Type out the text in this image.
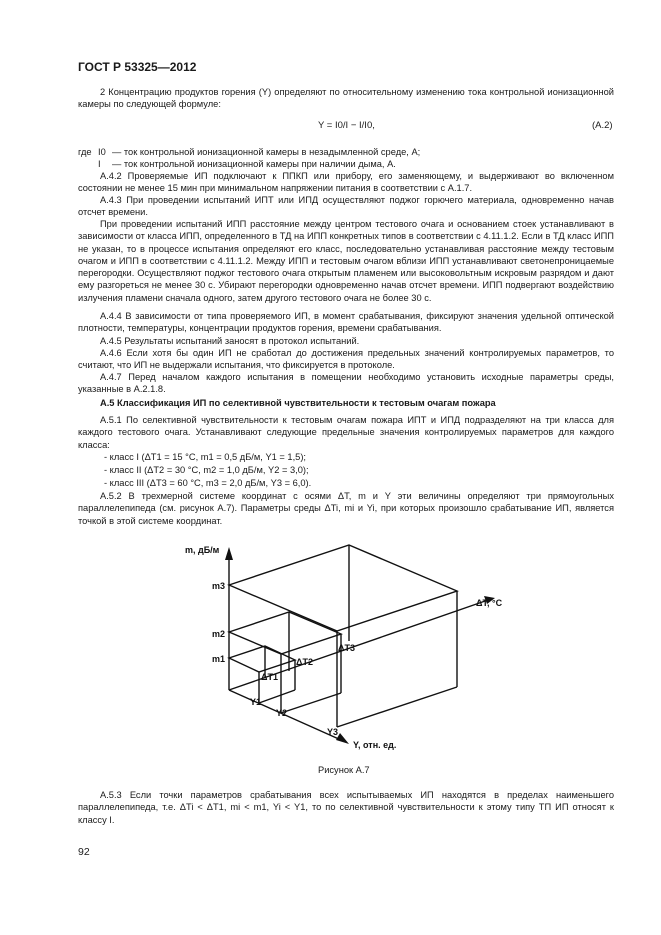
ГОСТ Р 53325—2012
2 Концентрацию продуктов горения (Y) определяют по относительному изменению тока контрольной ионизационной камеры по следующей формуле:
Y = I0/I − I/I0,	(А.2)
где I0 — ток контрольной ионизационной камеры в незадымленной среде, А;
I — ток контрольной ионизационной камеры при наличии дыма, А.
А.4.2 Проверяемые ИП подключают к ППКП или прибору, его заменяющему, и выдерживают во включенном состоянии не менее 15 мин при минимальном напряжении питания в соответствии с А.1.7.
А.4.3 При проведении испытаний ИПТ или ИПД осуществляют поджог горючего материала, одновременно начав отсчет времени.
При проведении испытаний ИПП расстояние между центром тестового очага и основанием стоек устанавливают в зависимости от класса ИПП, определенного в ТД на ИПП конкретных типов в соответствии с 4.11.1.2. Если в ТД класс ИПП не указан, то в процессе испытания определяют его класс, последовательно устанавливая расстояние между тестовым очагом и ИПП в соответствии с 4.11.1.2. Между ИПП и тестовым очагом вблизи ИПП устанавливают светонепроницаемые перегородки. Осуществляют поджог тестового очага открытым пламенем или высоковольтным искровым разрядом и дают ему разгореться не менее 30 с. Убирают перегородки одновременно начав отсчет времени. ИПП подвергают воздействию излучения пламени сначала одного, затем другого тестового очага не более 30 с.
А.4.4 В зависимости от типа проверяемого ИП, в момент срабатывания, фиксируют значения удельной оптической плотности, температуры, концентрации продуктов горения, времени срабатывания.
А.4.5 Результаты испытаний заносят в протокол испытаний.
А.4.6 Если хотя бы один ИП не сработал до достижения предельных значений контролируемых параметров, то считают, что ИП не выдержали испытания, что фиксируется в протоколе.
А.4.7 Перед началом каждого испытания в помещении необходимо установить исходные параметры среды, указанные в А.2.1.8.
А.5 Классификация ИП по селективной чувствительности к тестовым очагам пожара
А.5.1 По селективной чувствительности к тестовым очагам пожара ИПТ и ИПД подразделяют на три класса для каждого тестового очага. Устанавливают следующие предельные значения контролируемых параметров для каждого класса:
- класс I (ΔT1 = 15 °С, m1 = 0,5 дБ/м, Y1 = 1,5);
- класс II (ΔT2 = 30 °С, m2 = 1,0 дБ/м, Y2 = 3,0);
- класс III (ΔT3 = 60 °С, m3 = 2,0 дБ/м, Y3 = 6,0).
А.5.2 В трехмерной системе координат с осями ΔT, m и Y эти величины определяют три прямоугольных параллелепипеда (см. рисунок А.7). Параметры среды ΔTi, mi и Yi, при которых произошло срабатывание ИП, является точкой в этой системе координат.
m, дБ/м
ΔT, °C
Y, отн. ед.
m3
m2
m1
ΔT1
ΔT2
ΔT3
Y1
Y2
Y3
Рисунок А.7
А.5.3 Если точки параметров срабатывания всех испытываемых ИП находятся в пределах наименьшего параллелепипеда, т.е. ΔTi < ΔT1, mi < m1, Yi < Y1, то по селективной чувствительности к этому типу ТП ИП относят к классу I.
92
